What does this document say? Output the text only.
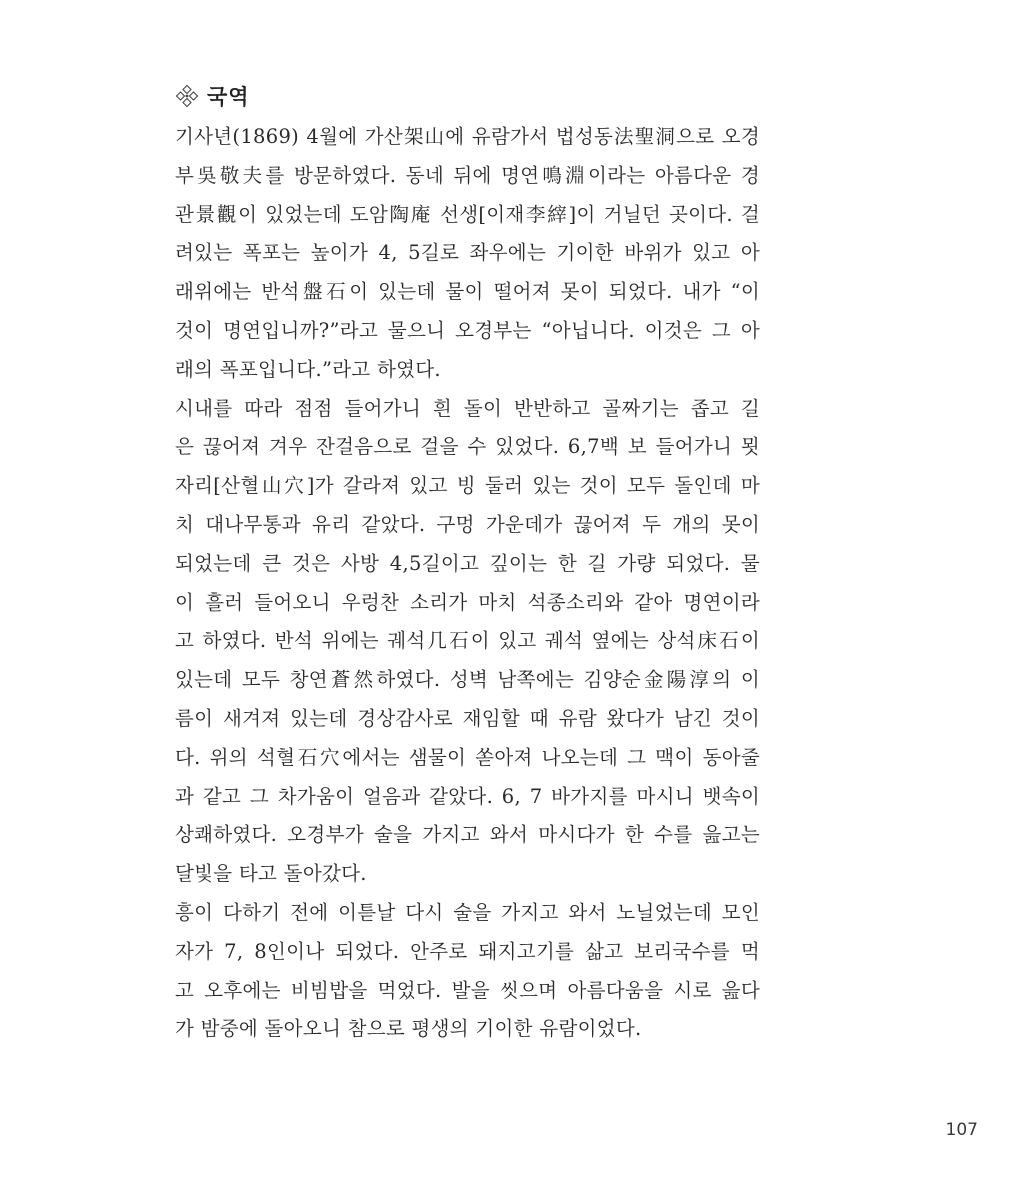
국역
기사년(1869) 4월에 가산架山에 유람가서 법성동法聖洞으로 오경
부吳敬夫를 방문하였다. 동네 뒤에 명연鳴淵이라는 아름다운 경
관景觀이 있었는데 도암陶庵 선생[이재李縡]이 거닐던 곳이다. 걸
려있는 폭포는 높이가 4, 5길로 좌우에는 기이한 바위가 있고 아
래위에는 반석盤石이 있는데 물이 떨어져 못이 되었다. 내가 “이
것이 명연입니까?”라고 물으니 오경부는 “아닙니다. 이것은 그 아
래의 폭포입니다.”라고 하였다.
시내를 따라 점점 들어가니 흰 돌이 반반하고 골짜기는 좁고 길
은 끊어져 겨우 잔걸음으로 걸을 수 있었다. 6,7백 보 들어가니 묏
자리[산혈山穴]가 갈라져 있고 빙 둘러 있는 것이 모두 돌인데 마
치 대나무통과 유리 같았다. 구멍 가운데가 끊어져 두 개의 못이
되었는데 큰 것은 사방 4,5길이고 깊이는 한 길 가량 되었다. 물
이 흘러 들어오니 우렁찬 소리가 마치 석종소리와 같아 명연이라
고 하였다. 반석 위에는 궤석几石이 있고 궤석 옆에는 상석床石이
있는데 모두 창연蒼然하였다. 성벽 남쪽에는 김양순金陽淳의 이
름이 새겨져 있는데 경상감사로 재임할 때 유람 왔다가 남긴 것이
다. 위의 석혈石穴에서는 샘물이 쏟아져 나오는데 그 맥이 동아줄
과 같고 그 차가움이 얼음과 같았다. 6, 7 바가지를 마시니 뱃속이
상쾌하였다. 오경부가 술을 가지고 와서 마시다가 한 수를 읊고는
달빛을 타고 돌아갔다.
흥이 다하기 전에 이튿날 다시 술을 가지고 와서 노닐었는데 모인
자가 7, 8인이나 되었다. 안주로 돼지고기를 삶고 보리국수를 먹
고 오후에는 비빔밥을 먹었다. 발을 씻으며 아름다움을 시로 읊다
가 밤중에 돌아오니 참으로 평생의 기이한 유람이었다.
107
